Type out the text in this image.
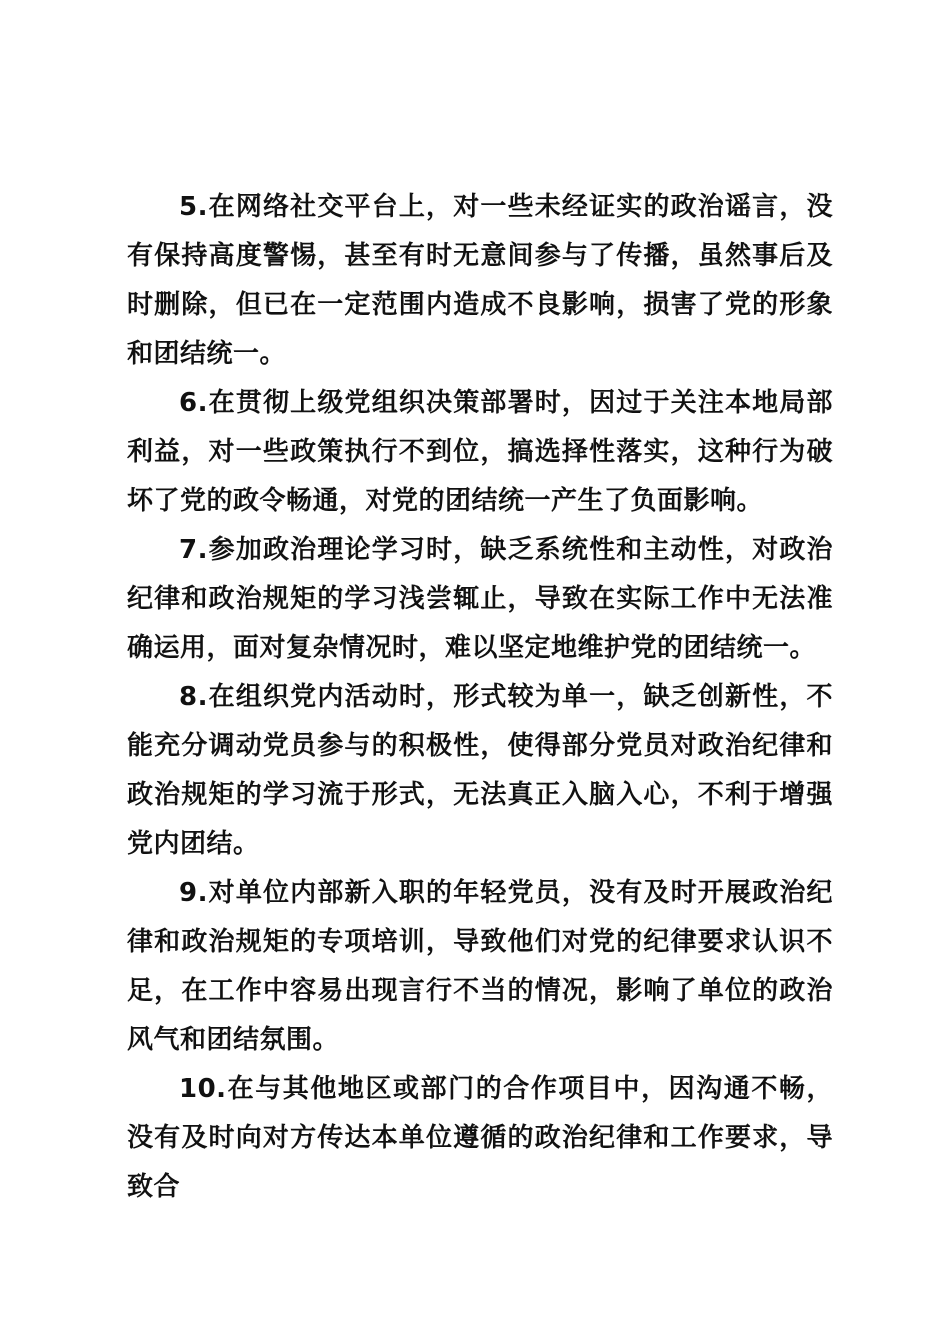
5.在网络社交平台上，对一些未经证实的政治谣言，没有保持高度警惕，甚至有时无意间参与了传播，虽然事后及时删除，但已在一定范围内造成不良影响，损害了党的形象和团结统一。

6.在贯彻上级党组织决策部署时，因过于关注本地局部利益，对一些政策执行不到位，搞选择性落实，这种行为破坏了党的政令畅通，对党的团结统一产生了负面影响。

7.参加政治理论学习时，缺乏系统性和主动性，对政治纪律和政治规矩的学习浅尝辄止，导致在实际工作中无法准确运用，面对复杂情况时，难以坚定地维护党的团结统一。

8.在组织党内活动时，形式较为单一，缺乏创新性，不能充分调动党员参与的积极性，使得部分党员对政治纪律和政治规矩的学习流于形式，无法真正入脑入心，不利于增强党内团结。

9.对单位内部新入职的年轻党员，没有及时开展政治纪律和政治规矩的专项培训，导致他们对党的纪律要求认识不足，在工作中容易出现言行不当的情况，影响了单位的政治风气和团结氛围。

10.在与其他地区或部门的合作项目中，因沟通不畅，没有及时向对方传达本单位遵循的政治纪律和工作要求，导致合
